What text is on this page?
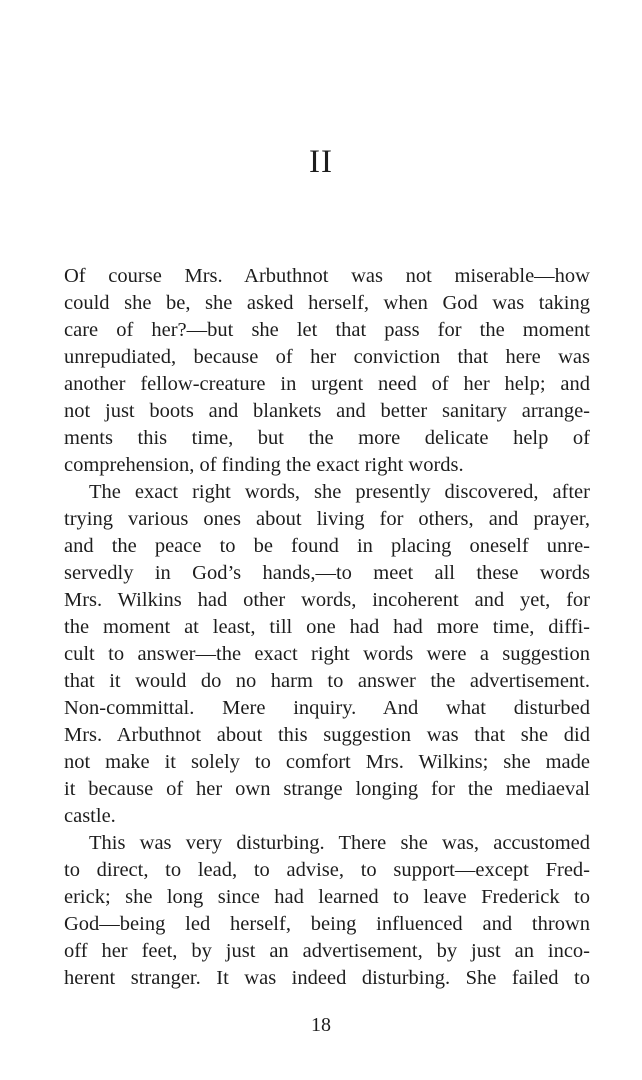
II
Of course Mrs. Arbuthnot was not miserable—how
could she be, she asked herself, when God was taking
care of her?—but she let that pass for the moment
unrepudiated, because of her conviction that here was
another fellow-creature in urgent need of her help; and
not just boots and blankets and better sanitary arrange-
ments this time, but the more delicate help of
comprehension, of finding the exact right words.
The exact right words, she presently discovered, after
trying various ones about living for others, and prayer,
and the peace to be found in placing oneself unre-
servedly in God’s hands,—to meet all these words
Mrs. Wilkins had other words, incoherent and yet, for
the moment at least, till one had had more time, diffi-
cult to answer—the exact right words were a suggestion
that it would do no harm to answer the advertisement.
Non-committal. Mere inquiry. And what disturbed
Mrs. Arbuthnot about this suggestion was that she did
not make it solely to comfort Mrs. Wilkins; she made
it because of her own strange longing for the mediaeval
castle.
This was very disturbing. There she was, accustomed
to direct, to lead, to advise, to support—except Fred-
erick; she long since had learned to leave Frederick to
God—being led herself, being influenced and thrown
off her feet, by just an advertisement, by just an inco-
herent stranger. It was indeed disturbing. She failed to
18
